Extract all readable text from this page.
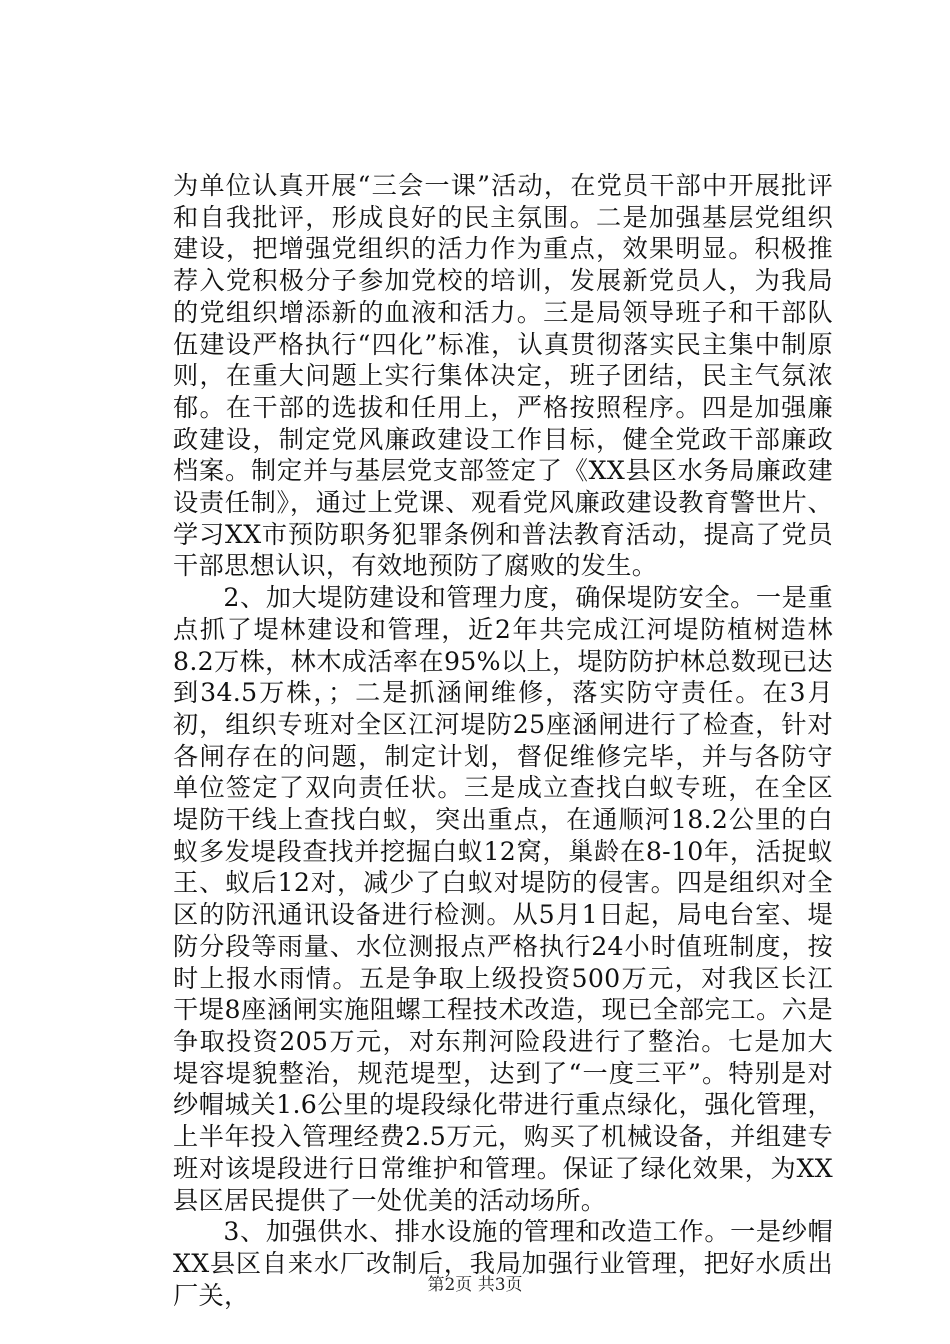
为单位认真开展“三会一课”活动，在党员干部中开展批评和自我批评，形成良好的民主氛围。二是加强基层党组织建设，把增强党组织的活力作为重点，效果明显。积极推荐入党积极分子参加党校的培训，发展新党员人，为我局的党组织增添新的血液和活力。三是局领导班子和干部队伍建设严格执行“四化”标准，认真贯彻落实民主集中制原则，在重大问题上实行集体决定，班子团结，民主气氛浓郁。在干部的选拔和任用上，严格按照程序。四是加强廉政建设，制定党风廉政建设工作目标，健全党政干部廉政档案。制定并与基层党支部签定了《XX县区水务局廉政建设责任制》，通过上党课、观看党风廉政建设教育警世片、学习XX市预防职务犯罪条例和普法教育活动，提高了党员干部思想认识，有效地预防了腐败的发生。

2、加大堤防建设和管理力度，确保堤防安全。一是重点抓了堤林建设和管理，近2年共完成江河堤防植树造林8.2万株，林木成活率在95%以上，堤防防护林总数现已达到34.5万株，；二是抓涵闸维修，落实防守责任。在3月初，组织专班对全区江河堤防25座涵闸进行了检查，针对各闸存在的问题，制定计划，督促维修完毕，并与各防守单位签定了双向责任状。三是成立查找白蚁专班，在全区堤防干线上查找白蚁，突出重点，在通顺河18.2公里的白蚁多发堤段查找并挖掘白蚁12窝，巢龄在8-10年，活捉蚁王、蚁后12对，减少了白蚁对堤防的侵害。四是组织对全区的防汛通讯设备进行检测。从5月1日起，局电台室、堤防分段等雨量、水位测报点严格执行24小时值班制度，按时上报水雨情。五是争取上级投资500万元，对我区长江干堤8座涵闸实施阻螺工程技术改造，现已全部完工。六是争取投资205万元，对东荆河险段进行了整治。七是加大堤容堤貌整治，规范堤型，达到了“一度三平”。特别是对纱帽城关1.6公里的堤段绿化带进行重点绿化，强化管理，上半年投入管理经费2.5万元，购买了机械设备，并组建专班对该堤段进行日常维护和管理。保证了绿化效果，为XX县区居民提供了一处优美的活动场所。

3、加强供水、排水设施的管理和改造工作。一是纱帽XX县区自来水厂改制后，我局加强行业管理，把好水质出厂关，	第2页 共3页
